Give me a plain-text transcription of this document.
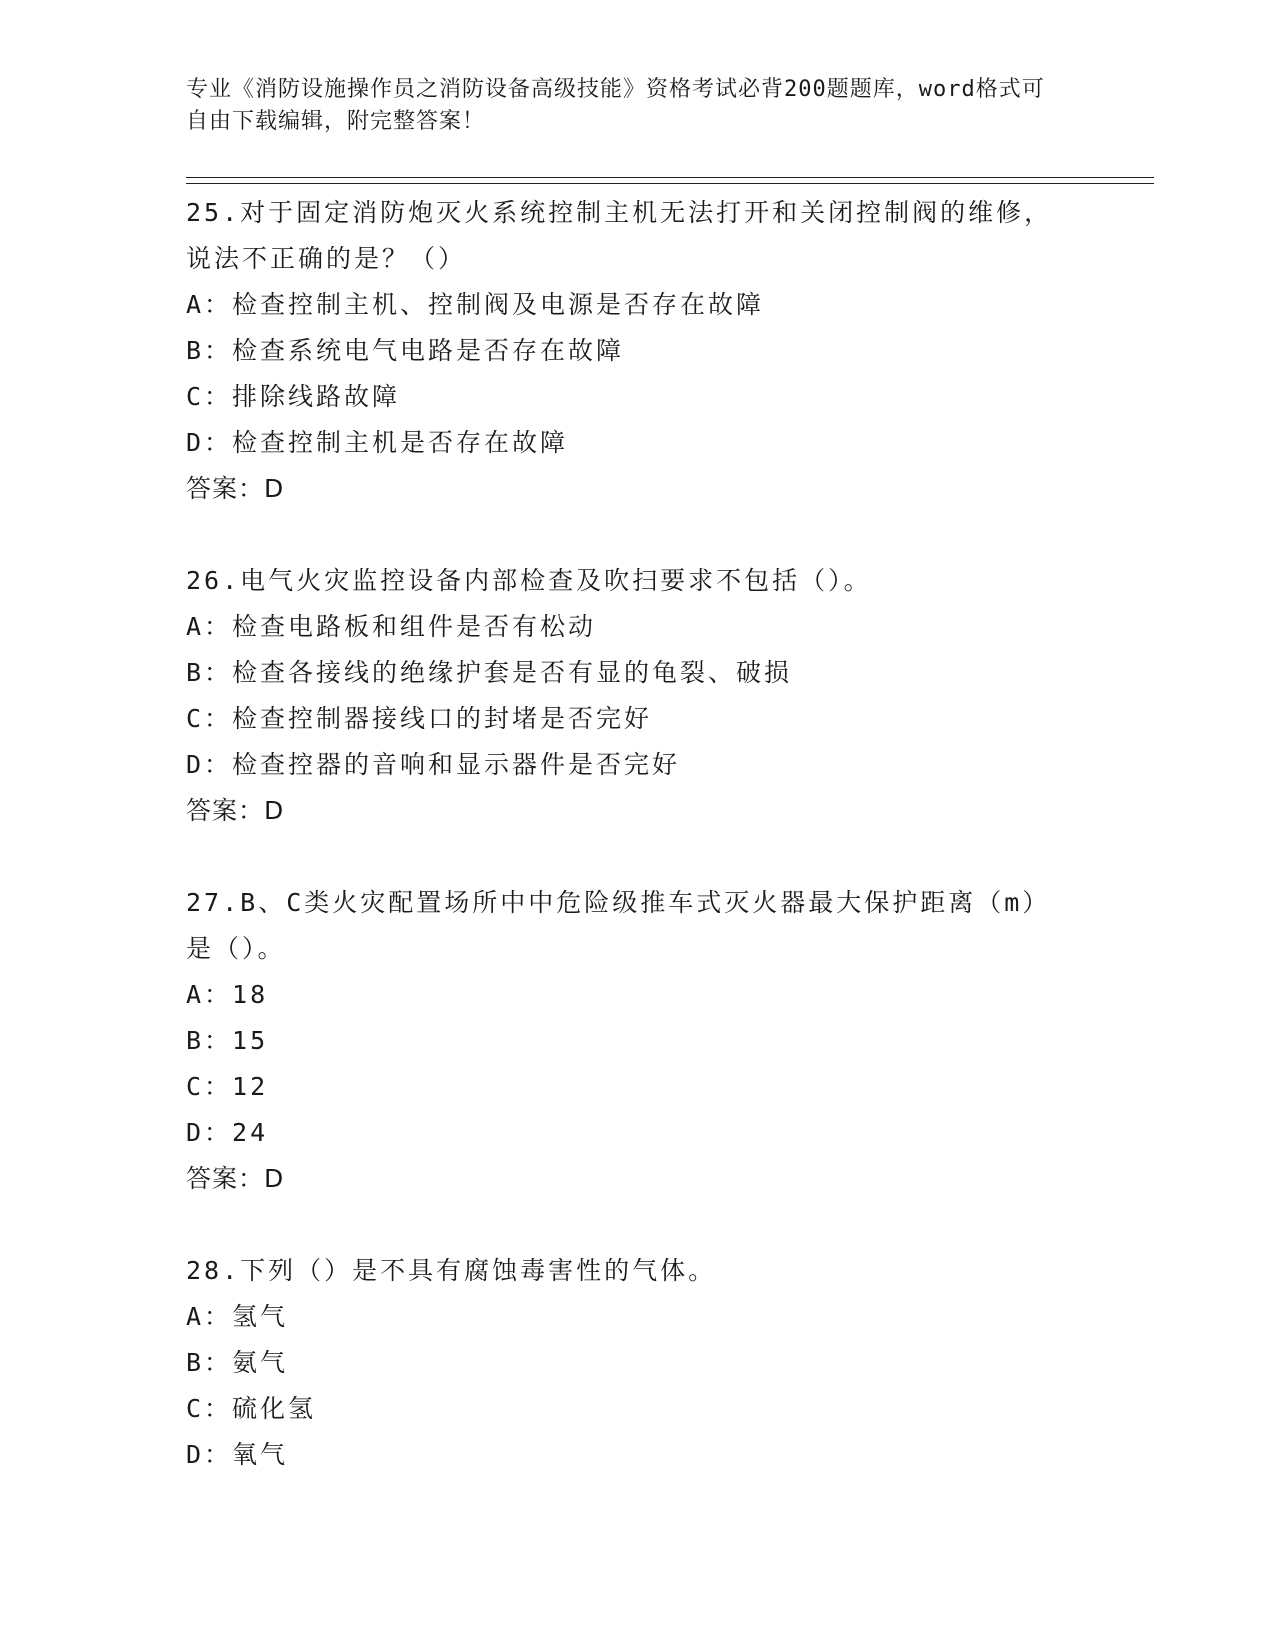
专业《消防设施操作员之消防设备高级技能》资格考试必背200题题库，word格式可自由下载编辑，附完整答案！
25.对于固定消防炮灭火系统控制主机无法打开和关闭控制阀的维修，说法不正确的是？（）
A：检查控制主机、控制阀及电源是否存在故障
B：检查系统电气电路是否存在故障
C：排除线路故障
D：检查控制主机是否存在故障
答案：D
26.电气火灾监控设备内部检查及吹扫要求不包括（）。
A：检查电路板和组件是否有松动
B：检查各接线的绝缘护套是否有显的龟裂、破损
C：检查控制器接线口的封堵是否完好
D：检查控器的音响和显示器件是否完好
答案：D
27.B、C类火灾配置场所中中危险级推车式灭火器最大保护距离（m）是（）。
A：18
B：15
C：12
D：24
答案：D
28.下列（）是不具有腐蚀毒害性的气体。
A：氢气
B：氨气
C：硫化氢
D：氧气
